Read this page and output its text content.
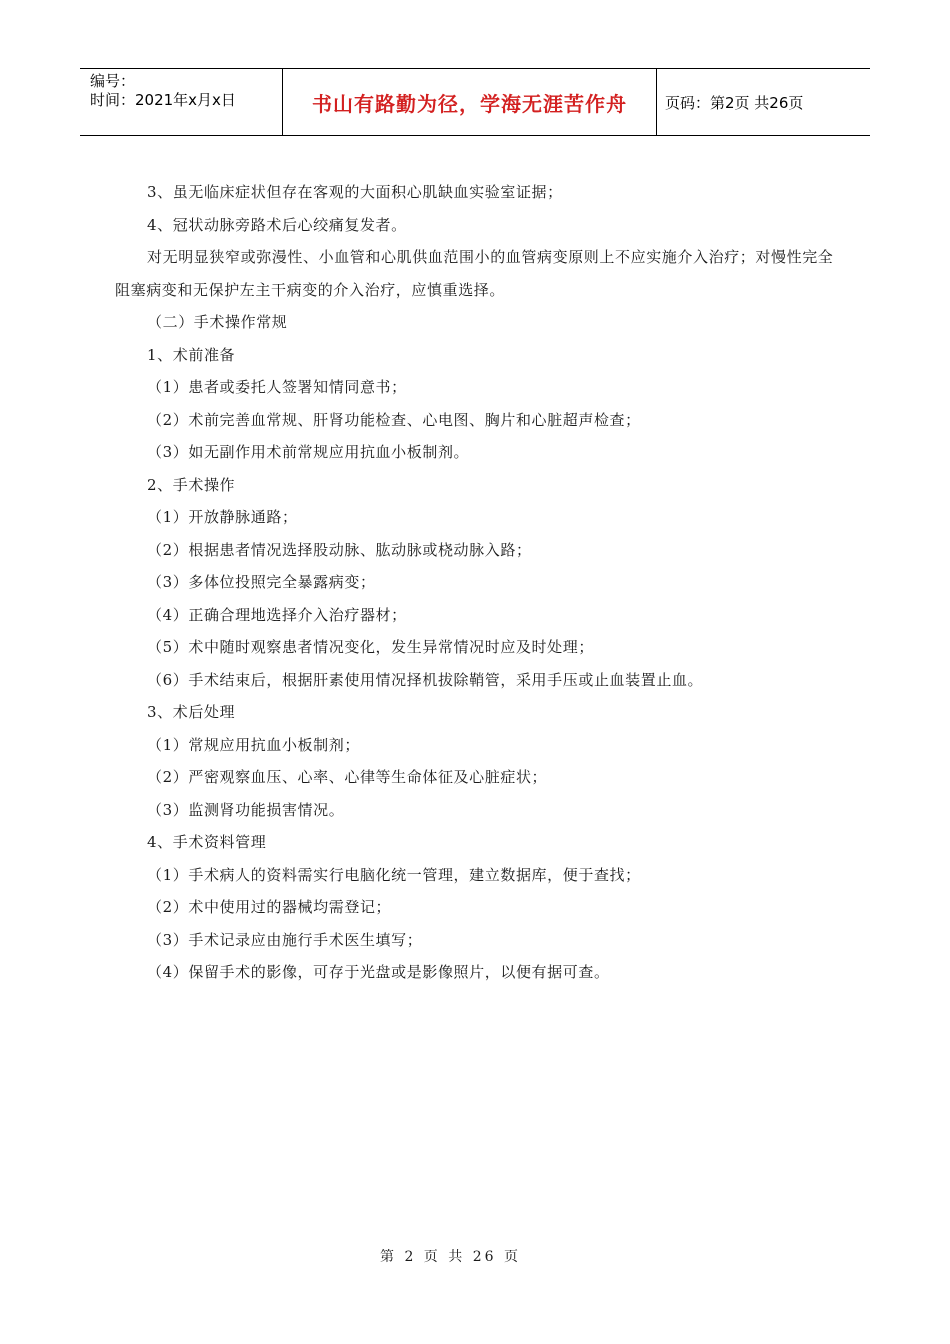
编号：
时间：2021年x月x日	书山有路勤为径，学海无涯苦作舟	页码：第2页 共26页

3、虽无临床症状但存在客观的大面积心肌缺血实验室证据；

4、冠状动脉旁路术后心绞痛复发者。

对无明显狭窄或弥漫性、小血管和心肌供血范围小的血管病变原则上不应实施介入治疗；对慢性完全阻塞病变和无保护左主干病变的介入治疗，应慎重选择。

（二）手术操作常规

1、术前准备

（1）患者或委托人签署知情同意书；

（2）术前完善血常规、肝肾功能检查、心电图、胸片和心脏超声检查；

（3）如无副作用术前常规应用抗血小板制剂。

2、手术操作

（1）开放静脉通路；

（2）根据患者情况选择股动脉、肱动脉或桡动脉入路；

（3）多体位投照完全暴露病变；

（4）正确合理地选择介入治疗器材；

（5）术中随时观察患者情况变化，发生异常情况时应及时处理；

（6）手术结束后，根据肝素使用情况择机拔除鞘管，采用手压或止血装置止血。

3、术后处理

（1）常规应用抗血小板制剂；

（2）严密观察血压、心率、心律等生命体征及心脏症状；

（3）监测肾功能损害情况。

4、手术资料管理

（1）手术病人的资料需实行电脑化统一管理，建立数据库，便于查找；

（2）术中使用过的器械均需登记；

（3）手术记录应由施行手术医生填写；

（4）保留手术的影像，可存于光盘或是影像照片，以便有据可查。

第 2 页 共 26 页
